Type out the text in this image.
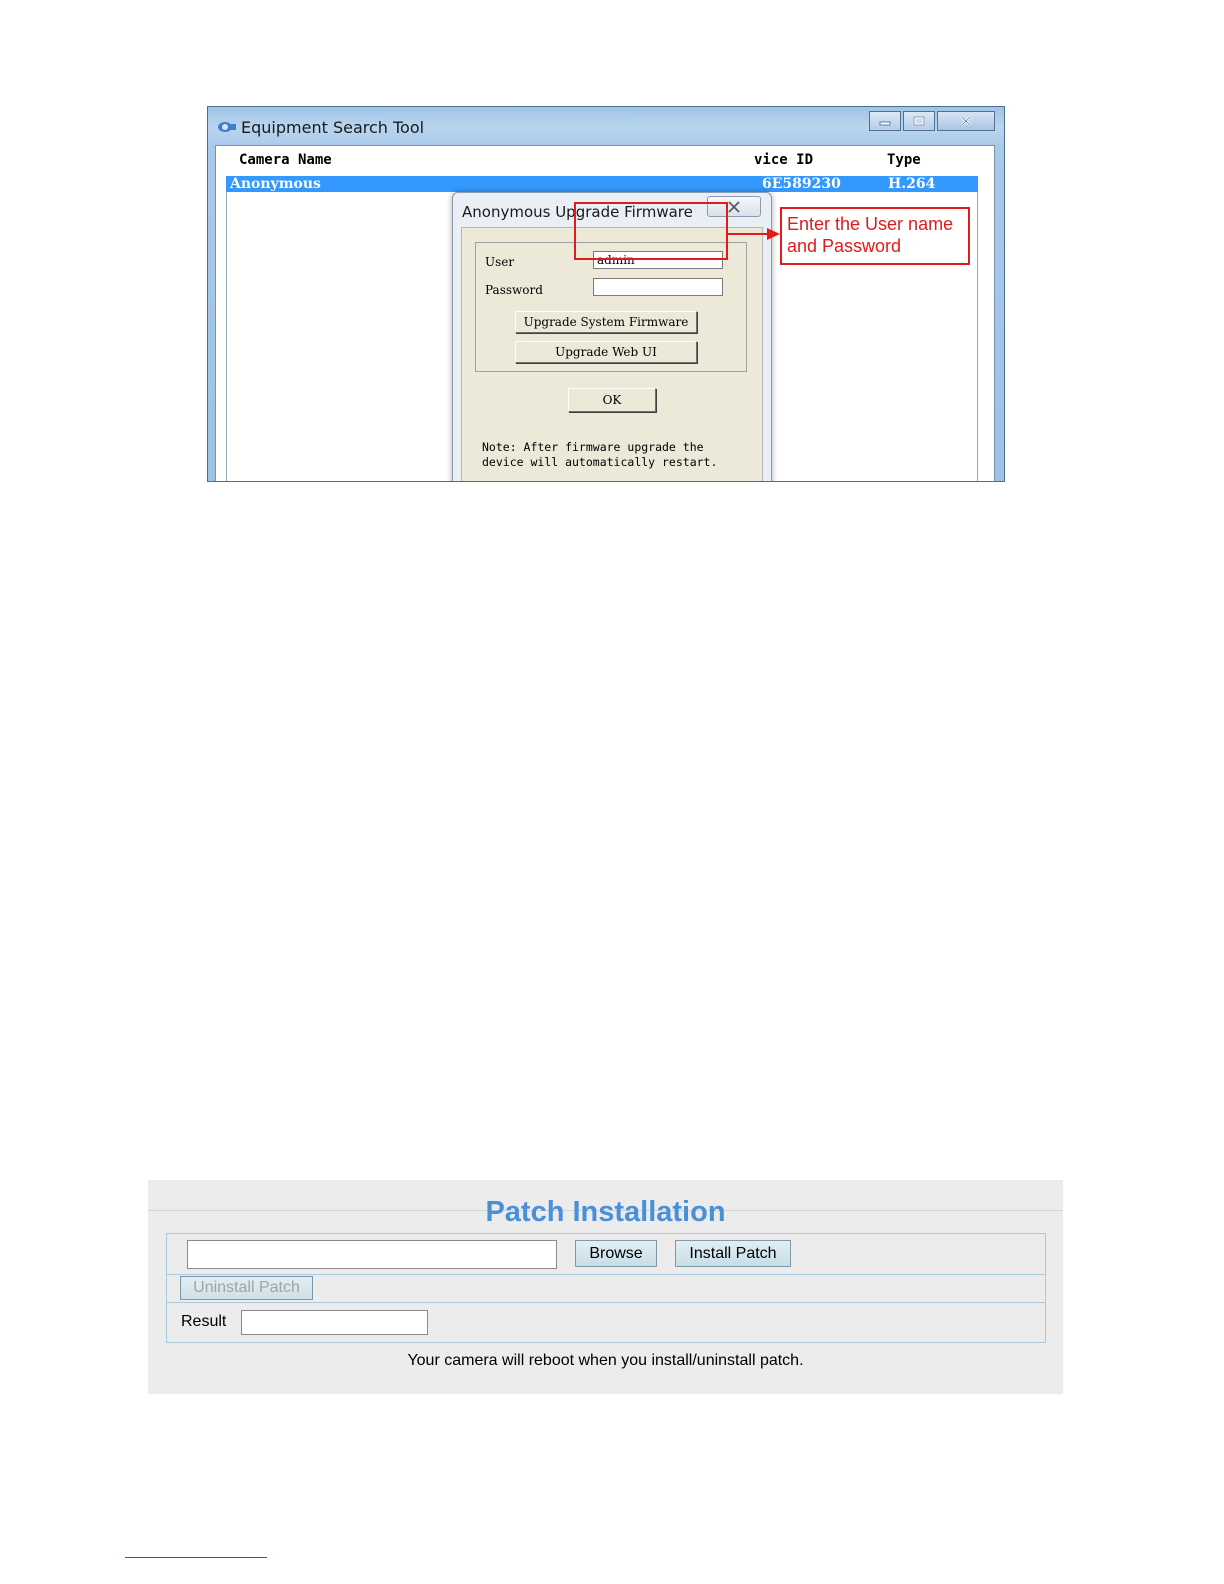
Equipment Search Tool
Camera Name	vice ID	Type
Anonymous	6E589230	H.264
Anonymous Upgrade Firmware
User	admin
Password
Upgrade System Firmware
Upgrade Web UI
OK
Note: After firmware upgrade the
device will automatically restart.
Enter the User name
and Password
Patch Installation
Browse	Install Patch
Uninstall Patch
Result
Your camera will reboot when you install/uninstall patch.
